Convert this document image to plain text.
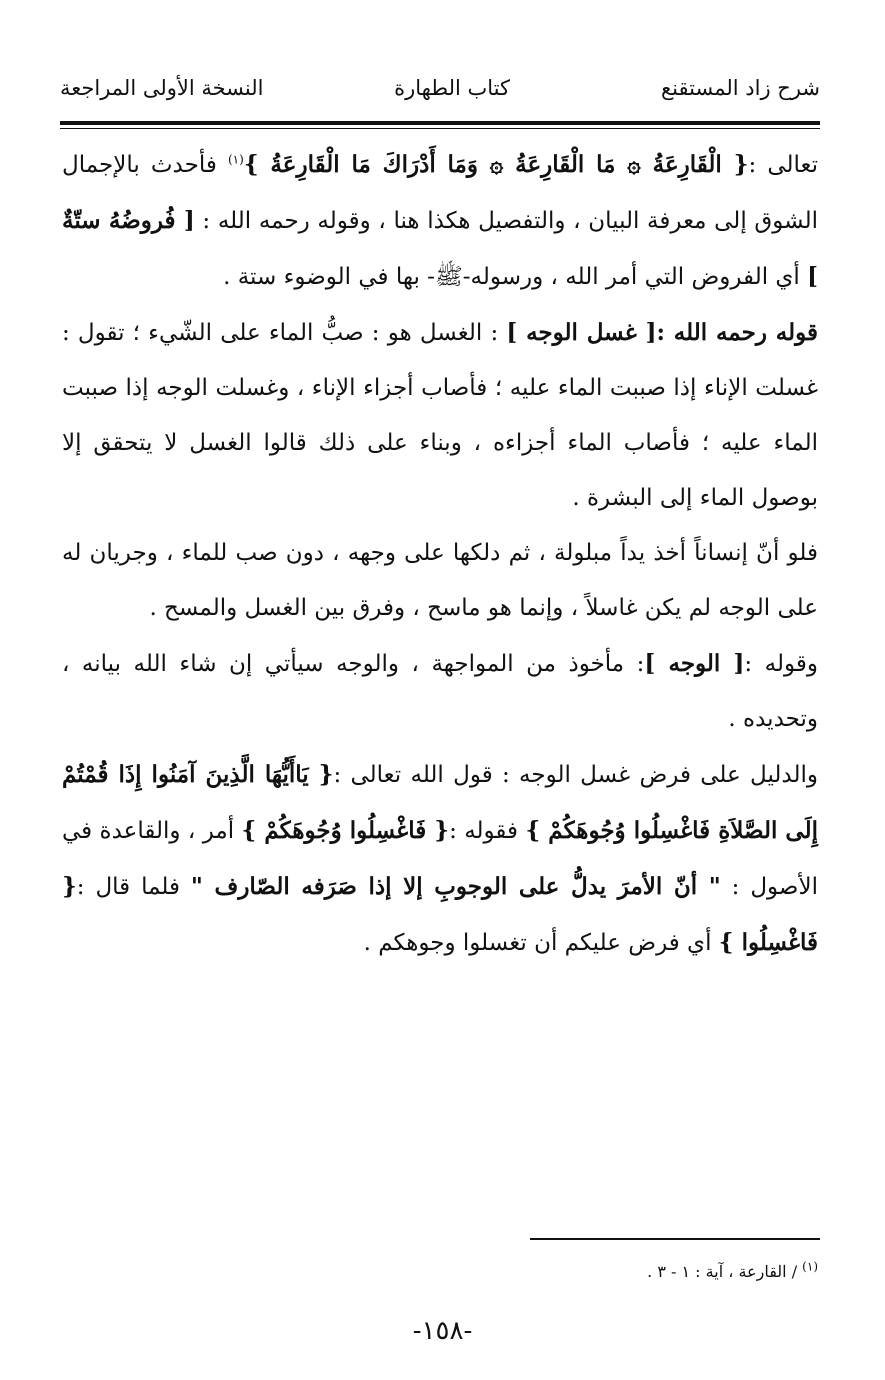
شرح زاد المستقنع
كتاب الطهارة
النسخة الأولى المراجعة

تعالى :{ الْقَارِعَةُ ۞ مَا الْقَارِعَةُ ۞ وَمَا أَدْرَاكَ مَا الْقَارِعَةُ }$^{(١)}$ فأحدث بالإجمال الشوق إلى معرفة البيان ، والتفصيل هكذا هنا ، وقوله رحمه الله : [ فُروضُهُ ستّةٌ ] أي الفروض التي أمر الله ، ورسوله-ﷺ- بها في الوضوء ستة .

قوله رحمه الله :[ غسل الوجه ] : الغسل هو : صبُّ الماء على الشّيء ؛ تقول : غسلت الإناء إذا صببت الماء عليه ؛ فأصاب أجزاء الإناء ، وغسلت الوجه إذا صببت الماء عليه ؛ فأصاب الماء أجزاءه ، وبناء على ذلك قالوا الغسل لا يتحقق إلا بوصول الماء إلى البشرة .

فلو أنّ إنساناً أخذ يداً مبلولة ، ثم دلكها على وجهه ، دون صب للماء ، وجريان له على الوجه لم يكن غاسلاً ، وإنما هو ماسح ، وفرق بين الغسل والمسح .

وقوله :[ الوجه ]: مأخوذ من المواجهة ، والوجه سيأتي إن شاء الله بيانه ، وتحديده .

والدليل على فرض غسل الوجه : قول الله تعالى :{ يَاأَيُّهَا الَّذِينَ آمَنُوا إِذَا قُمْتُمْ إِلَى الصَّلاَةِ فَاغْسِلُوا وُجُوهَكُمْ } فقوله :{ فَاغْسِلُوا وُجُوهَكُمْ } أمر ، والقاعدة في الأصول : " أنّ الأمرَ يدلُّ على الوجوبِ إلا إذا صَرَفه الصّارف " فلما قال :{ فَاغْسِلُوا } أي فرض عليكم أن تغسلوا وجوهكم .

$^{(١)}$ / القارعة ، آية : ١ - ٣ .
-١٥٨-
